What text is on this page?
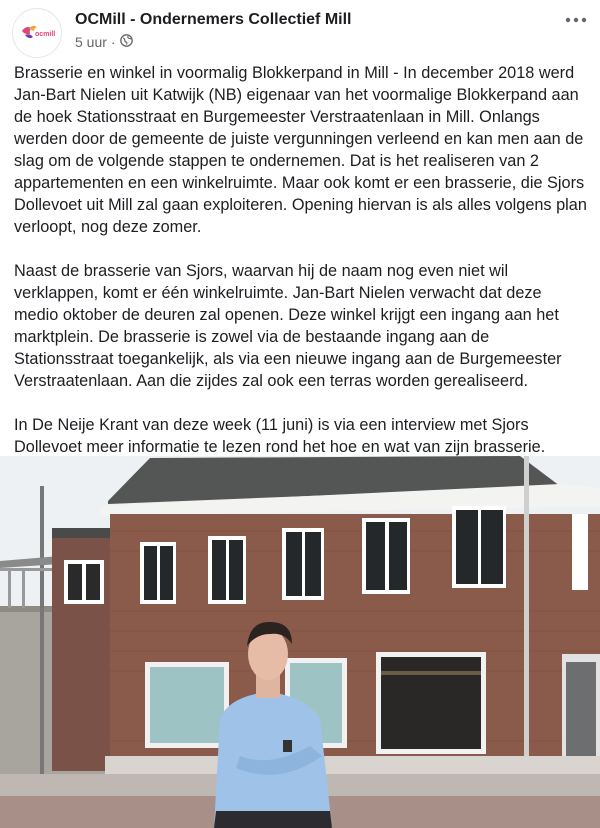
ocmill
OCMill - Ondernemers Collectief Mill
5 uur ·

Brasserie en winkel in voormalig Blokkerpand in Mill - In december 2018 werd Jan-Bart Nielen uit Katwijk (NB) eigenaar van het voormalige Blokkerpand aan de hoek Stationsstraat en Burgemeester Verstraatenlaan in Mill. Onlangs werden door de gemeente de juiste vergunningen verleend en kan men aan de slag om de volgende stappen te ondernemen. Dat is het realiseren van 2 appartementen en een winkelruimte. Maar ook komt er een brasserie, die Sjors Dollevoet uit Mill zal gaan exploiteren. Opening hiervan is als alles volgens plan verloopt, nog deze zomer.

Naast de brasserie van Sjors, waarvan hij de naam nog even niet wil verklappen, komt er één winkelruimte. Jan-Bart Nielen verwacht dat deze medio oktober de deuren zal openen. Deze winkel krijgt een ingang aan het marktplein. De brasserie is zowel via de bestaande ingang aan de Stationsstraat toegankelijk, als via een nieuwe ingang aan de Burgemeester Verstraatenlaan. Aan die zijdes zal ook een terras worden gerealiseerd.

In De Neije Krant van deze week (11 juni) is via een interview met Sjors Dollevoet meer informatie te lezen rond het hoe en wat van zijn brasserie.
